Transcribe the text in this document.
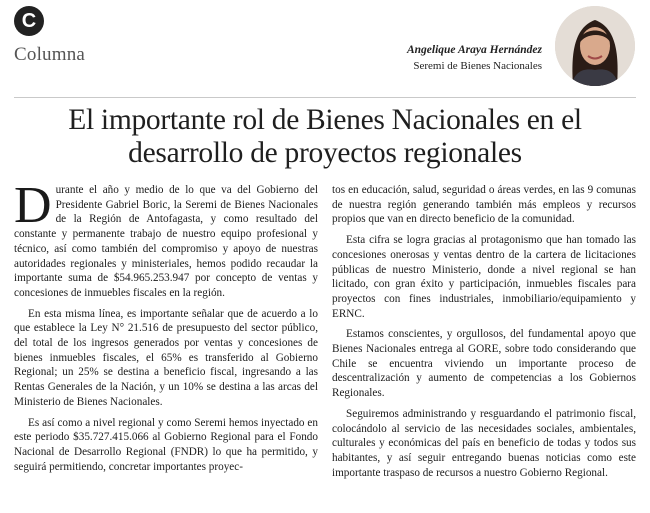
C
Columna	Angelique Araya Hernández
Seremi de Bienes Nacionales
El importante rol de Bienes Nacionales en el desarrollo de proyectos regionales

Durante el año y medio de lo que va del Gobierno del Presidente Gabriel Boric, la Seremi de Bienes Nacionales de la Región de Antofagasta, y como resultado del constante y permanente trabajo de nuestro equipo profesional y técnico, así como también del compromiso y apoyo de nuestras autoridades regionales y ministeriales, hemos podido recaudar la importante suma de $54.965.253.947 por concepto de ventas y concesiones de inmuebles fiscales en la región.

En esta misma línea, es importante señalar que de acuerdo a lo que establece la Ley N° 21.516 de presupuesto del sector público, del total de los ingresos generados por ventas y concesiones de bienes inmuebles fiscales, el 65% es transferido al Gobierno Regional; un 25% se destina a beneficio fiscal, ingresando a las Rentas Generales de la Nación, y un 10% se destina a las arcas del Ministerio de Bienes Nacionales.

Es así como a nivel regional y como Seremi hemos inyectado en este periodo $35.727.415.066 al Gobierno Regional para el Fondo Nacional de Desarrollo Regional (FNDR) lo que ha permitido, y seguirá permitiendo, concretar importantes proyec-

tos en educación, salud, seguridad o áreas verdes, en las 9 comunas de nuestra región generando también más empleos y recursos propios que van en directo beneficio de la comunidad.

Esta cifra se logra gracias al protagonismo que han tomado las concesiones onerosas y ventas dentro de la cartera de licitaciones públicas de nuestro Ministerio, donde a nivel regional se han licitado, con gran éxito y participación, inmuebles fiscales para proyectos con fines industriales, inmobiliario/equipamiento y ERNC.

Estamos conscientes, y orgullosos, del fundamental apoyo que Bienes Nacionales entrega al GORE, sobre todo considerando que Chile se encuentra viviendo un importante proceso de descentralización y aumento de competencias a los Gobiernos Regionales.

Seguiremos administrando y resguardando el patrimonio fiscal, colocándolo al servicio de las necesidades sociales, ambientales, culturales y económicas del país en beneficio de todas y todos sus habitantes, y así seguir entregando buenas noticias como este importante traspaso de recursos a nuestro Gobierno Regional.
